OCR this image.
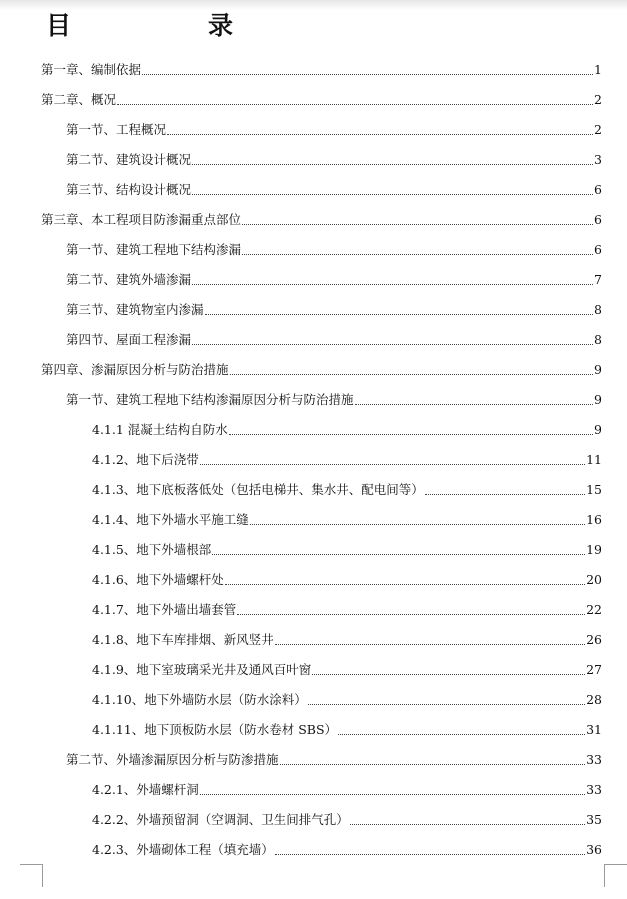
目　录
第一章、编制依据	1
第二章、概况	2
第一节、工程概况	2
第二节、建筑设计概况	3
第三节、结构设计概况	6
第三章、本工程项目防渗漏重点部位	6
第一节、建筑工程地下结构渗漏	6
第二节、建筑外墙渗漏	7
第三节、建筑物室内渗漏	8
第四节、屋面工程渗漏	8
第四章、渗漏原因分析与防治措施	9
第一节、建筑工程地下结构渗漏原因分析与防治措施	9
4.1.1 混凝土结构自防水	9
4.1.2、地下后浇带	11
4.1.3、地下底板落低处（包括电梯井、集水井、配电间等）	15
4.1.4、地下外墙水平施工缝	16
4.1.5、地下外墙根部	19
4.1.6、地下外墙螺杆处	20
4.1.7、地下外墙出墙套管	22
4.1.8、地下车库排烟、新风竖井	26
4.1.9、地下室玻璃采光井及通风百叶窗	27
4.1.10、地下外墙防水层（防水涂料）	28
4.1.11、地下顶板防水层（防水卷材 SBS）	31
第二节、外墙渗漏原因分析与防渗措施	33
4.2.1、外墙螺杆洞	33
4.2.2、外墙预留洞（空调洞、卫生间排气孔）	35
4.2.3、外墙砌体工程（填充墙）	36
